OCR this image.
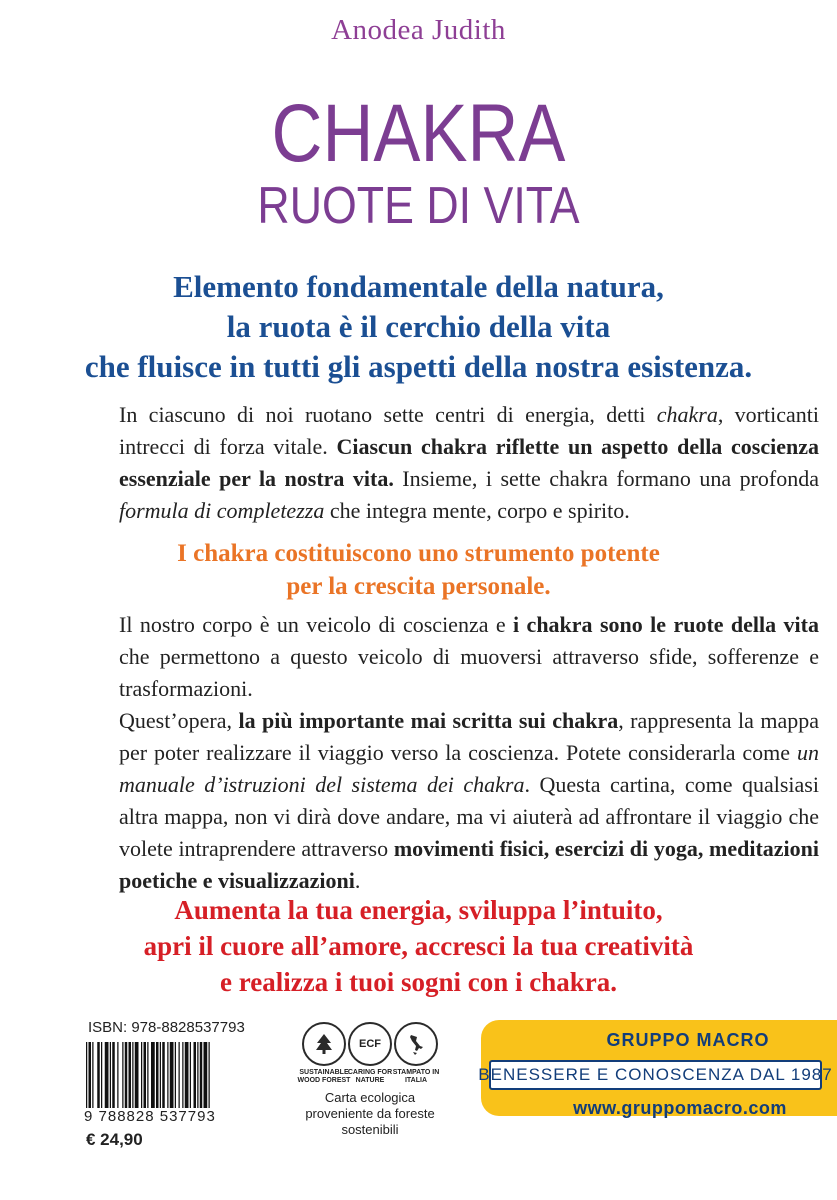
Anodea Judith
CHAKRA
RUOTE DI VITA
Elemento fondamentale della natura,
la ruota è il cerchio della vita
che fluisce in tutti gli aspetti della nostra esistenza.
In ciascuno di noi ruotano sette centri di energia, detti chakra, vorticanti intrecci di forza vitale. Ciascun chakra riflette un aspetto della coscienza essenziale per la nostra vita. Insieme, i sette chakra formano una profonda formula di completezza che integra mente, corpo e spirito.
I chakra costituiscono uno strumento potente
per la crescita personale.
Il nostro corpo è un veicolo di coscienza e i chakra sono le ruote della vita che permettono a questo veicolo di muoversi attraverso sfide, sofferenze e trasformazioni.
Quest’opera, la più importante mai scritta sui chakra, rappresenta la mappa per poter realizzare il viaggio verso la coscienza. Potete considerarla come un manuale d’istruzioni del sistema dei chakra. Questa cartina, come qualsiasi altra mappa, non vi dirà dove andare, ma vi aiuterà ad affrontare il viaggio che volete intraprendere attraverso movimenti fisici, esercizi di yoga, meditazioni poetiche e visualizzazioni.
Aumenta la tua energia, sviluppa l’intuito,
apri il cuore all’amore, accresci la tua creatività
e realizza i tuoi sogni con i chakra.
ISBN: 978-8828537793
9 788828 537793
€ 24,90
SUSTAINABLE WOOD FOREST
ECF
CARING FOR NATURE
STAMPATO IN ITALIA
Carta ecologica proveniente da foreste sostenibili
GRUPPO MACRO
BENESSERE E CONOSCENZA DAL 1987
www.gruppomacro.com
